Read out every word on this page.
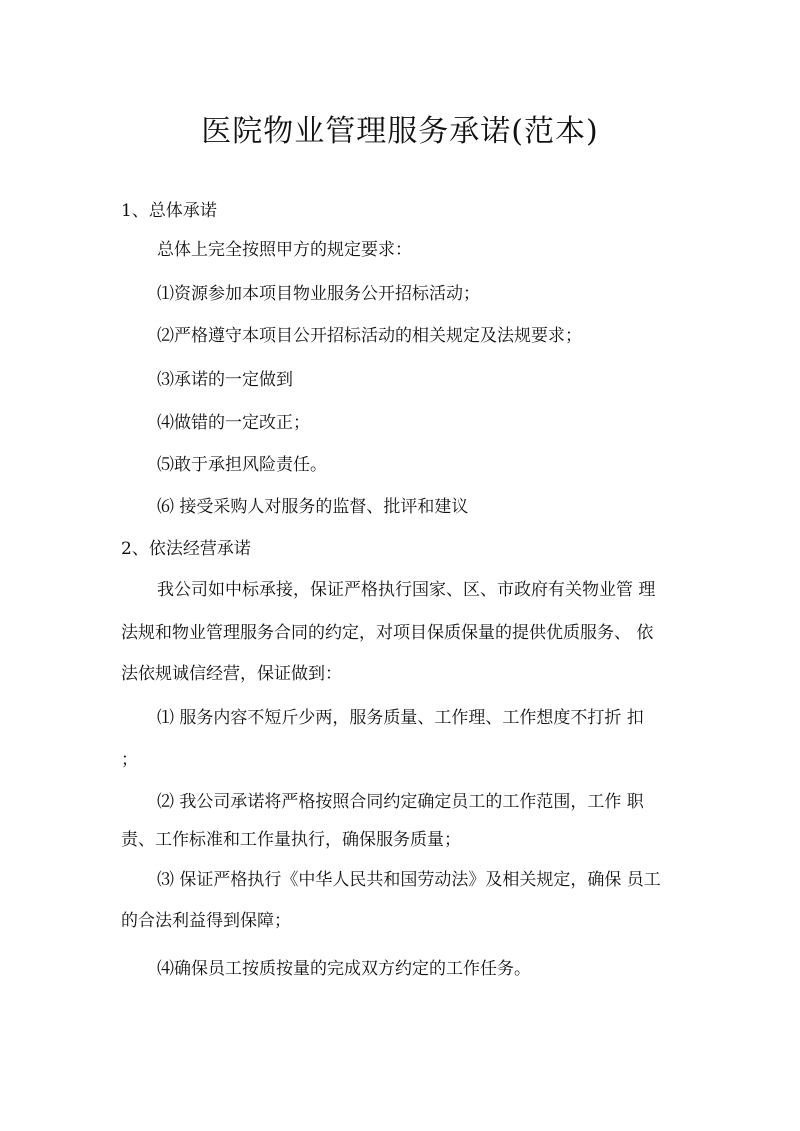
医院物业管理服务承诺(范本)
1、总体承诺
总体上完全按照甲方的规定要求：
⑴资源参加本项目物业服务公开招标活动；
⑵严格遵守本项目公开招标活动的相关规定及法规要求；
⑶承诺的一定做到
⑷做错的一定改正；
⑸敢于承担风险责任。
⑹ 接受采购人对服务的监督、批评和建议
2、依法经营承诺
我公司如中标承接，保证严格执行国家、区、市政府有关物业管 理
法规和物业管理服务合同的约定，对项目保质保量的提供优质服务、 依
法依规诚信经营，保证做到：
⑴ 服务内容不短斤少两，服务质量、工作理、工作想度不打折 扣
；
⑵ 我公司承诺将严格按照合同约定确定员工的工作范围，工作 职
责、工作标准和工作量执行，确保服务质量；
⑶ 保证严格执行《中华人民共和国劳动法》及相关规定，确保 员工
的合法利益得到保障；
⑷确保员工按质按量的完成双方约定的工作任务。
